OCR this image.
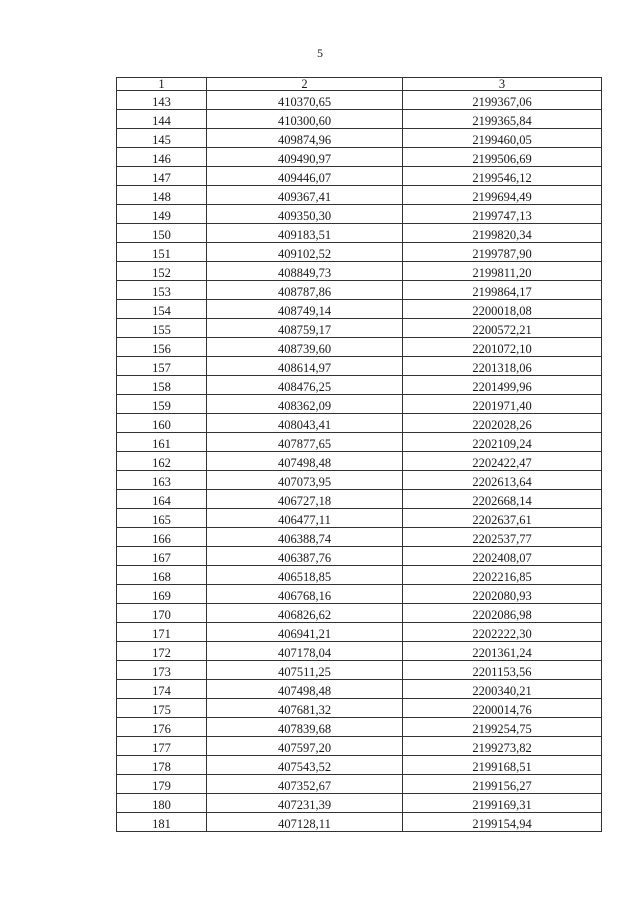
5
1	2	3
143	410370,65	2199367,06
144	410300,60	2199365,84
145	409874,96	2199460,05
146	409490,97	2199506,69
147	409446,07	2199546,12
148	409367,41	2199694,49
149	409350,30	2199747,13
150	409183,51	2199820,34
151	409102,52	2199787,90
152	408849,73	2199811,20
153	408787,86	2199864,17
154	408749,14	2200018,08
155	408759,17	2200572,21
156	408739,60	2201072,10
157	408614,97	2201318,06
158	408476,25	2201499,96
159	408362,09	2201971,40
160	408043,41	2202028,26
161	407877,65	2202109,24
162	407498,48	2202422,47
163	407073,95	2202613,64
164	406727,18	2202668,14
165	406477,11	2202637,61
166	406388,74	2202537,77
167	406387,76	2202408,07
168	406518,85	2202216,85
169	406768,16	2202080,93
170	406826,62	2202086,98
171	406941,21	2202222,30
172	407178,04	2201361,24
173	407511,25	2201153,56
174	407498,48	2200340,21
175	407681,32	2200014,76
176	407839,68	2199254,75
177	407597,20	2199273,82
178	407543,52	2199168,51
179	407352,67	2199156,27
180	407231,39	2199169,31
181	407128,11	2199154,94
